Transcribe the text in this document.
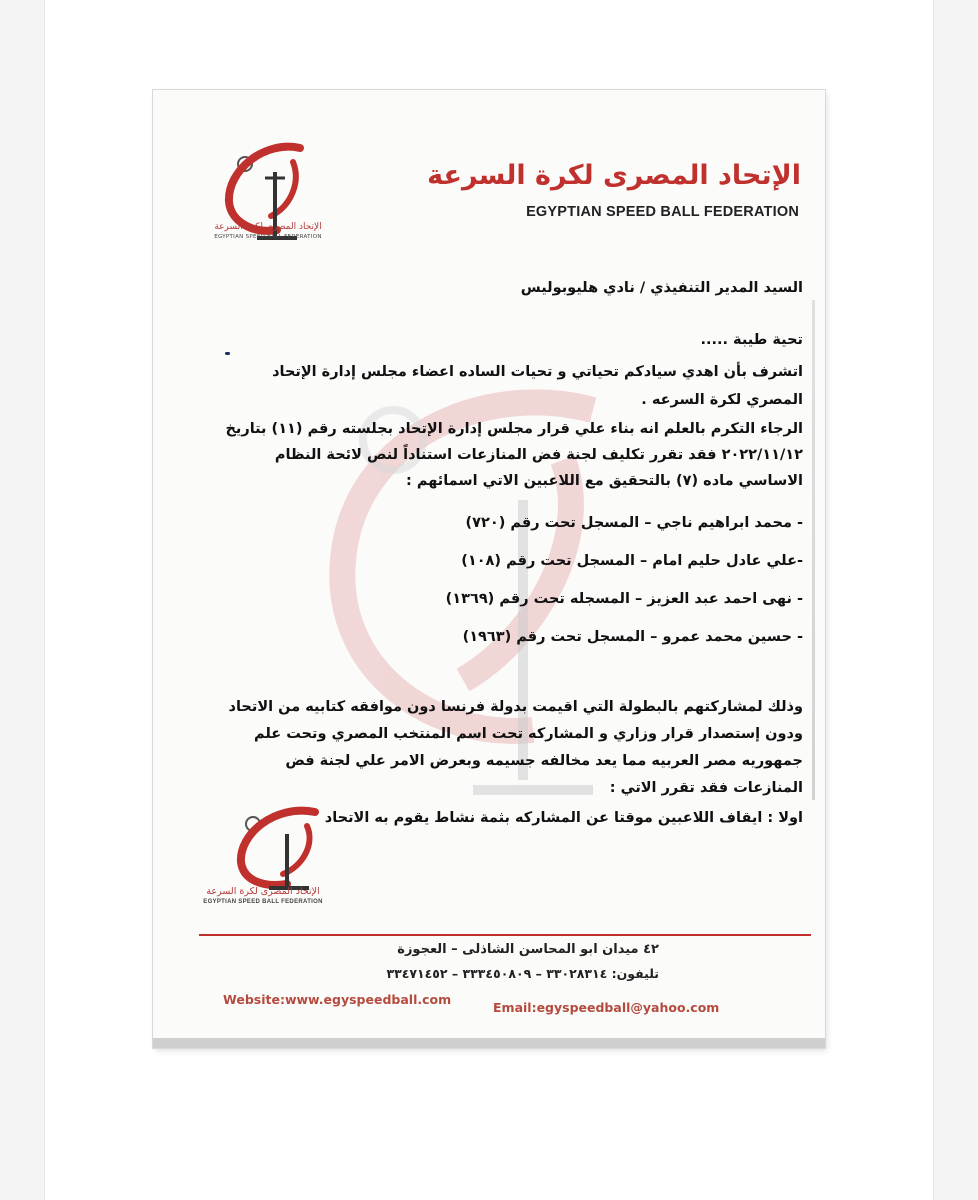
الإتحاد المصرى لكرة السرعة
EGYPTIAN SPEED BALL FEDERATION
الإتحاد المصرى لكرة السرعة
EGYPTIAN SPEED BALL FEDERATION
السيد المدير التنفيذي / نادي هليوبوليس
تحية طيبة .....
اتشرف بأن اهدي سيادكم تحياتي و تحيات الساده اعضاء مجلس إدارة الإتحاد المصري لكرة السرعه .
الرجاء التكرم بالعلم انه بناء علي قرار مجلس إدارة الإتحاد بجلسته رقم (١١) بتاريخ ٢٠٢٢/١١/١٢ فقد تقرر تكليف لجنة فض المنازعات استناداً لنص لائحة النظام الاساسي ماده (٧) بالتحقيق مع اللاعبين الاتي اسمائهم :
- محمد ابراهيم ناجي – المسجل تحت رقم (٧٢٠)
-علي عادل حليم امام – المسجل تحت رقم (١٠٨)
- نهى احمد عبد العزيز – المسجله تحت رقم (١٣٦٩)
- حسين محمد عمرو – المسجل تحت رقم (١٩٦٣)
وذلك لمشاركتهم بالبطولة التي اقيمت بدولة فرنسا دون موافقه كتابيه من الاتحاد ودون إستصدار قرار وزاري و المشاركه تحت اسم المنتخب المصري وتحت علم جمهوريه مصر العربيه مما يعد مخالفه جسيمه وبعرض الامر علي لجنة فض المنازعات فقد تقرر الاتي :
اولا : ايقاف اللاعبين موقتا عن المشاركه بثمة نشاط يقوم به الاتحاد
الإتحاد المصرى لكرة السرعة
EGYPTIAN SPEED BALL FEDERATION
٤٢ ميدان ابو المحاسن الشاذلى – العجوزة
تليفون: ٣٣٠٢٨٣١٤ – ٣٣٣٤٥٠٨٠٩ – ٣٣٤٧١٤٥٢
Website:www.egyspeedball.com
Email:egyspeedball@yahoo.com
